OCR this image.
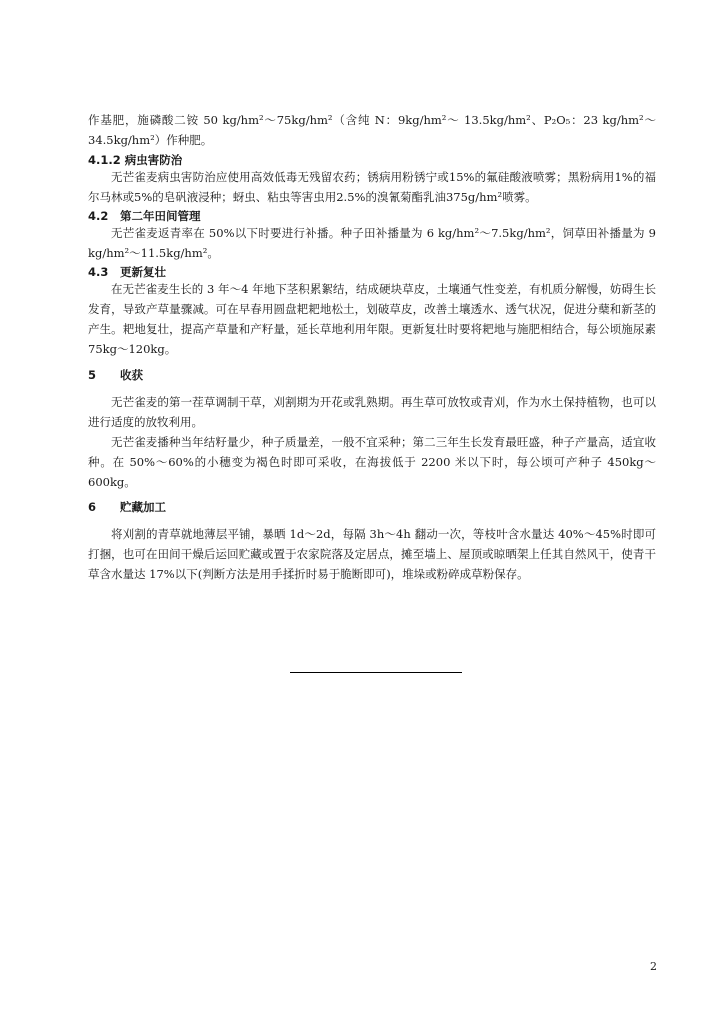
作基肥，施磷酸二铵 50 kg/hm²～75kg/hm²（含纯 N：9kg/hm²～ 13.5kg/hm²、P₂O₅：23 kg/hm²～34.5kg/hm²）作种肥。

4.1.2 病虫害防治

无芒雀麦病虫害防治应使用高效低毒无残留农药；锈病用粉锈宁或15%的氟硅酸液喷雾；黑粉病用1%的福尔马林或5%的皂矾液浸种；蚜虫、粘虫等害虫用2.5%的溴氰菊酯乳油375g/hm²喷雾。

4.2 第二年田间管理

无芒雀麦返青率在 50%以下时要进行补播。种子田补播量为 6 kg/hm²～7.5kg/hm²，饲草田补播量为 9 kg/hm²～11.5kg/hm²。

4.3 更新复壮

在无芒雀麦生长的 3 年～4 年地下茎积累絮结，结成硬块草皮，土壤通气性变差，有机质分解慢，妨碍生长发育，导致产草量骤减。可在早春用圆盘耙耙地松土，划破草皮，改善土壤透水、透气状况，促进分蘖和新茎的产生。耙地复壮，提高产草量和产籽量，延长草地利用年限。更新复壮时要将耙地与施肥相结合，每公顷施尿素 75kg～120kg。

5 收获

无芒雀麦的第一茬草调制干草，刈割期为开花或乳熟期。再生草可放牧或青刈，作为水土保持植物，也可以进行适度的放牧利用。

无芒雀麦播种当年结籽量少，种子质量差，一般不宜采种；第二三年生长发育最旺盛，种子产量高，适宜收种。在 50%～60%的小穗变为褐色时即可采收，在海拔低于 2200 米以下时，每公顷可产种子 450kg～600kg。

6 贮藏加工

将刈割的青草就地薄层平铺，暴晒 1d～2d，每隔 3h～4h 翻动一次，等枝叶含水量达 40%～45%时即可打捆，也可在田间干燥后运回贮藏或置于农家院落及定居点，摊至墙上、屋顶或晾晒架上任其自然风干，使青干草含水量达 17%以下(判断方法是用手揉折时易于脆断即可)，堆垛或粉碎成草粉保存。

2
